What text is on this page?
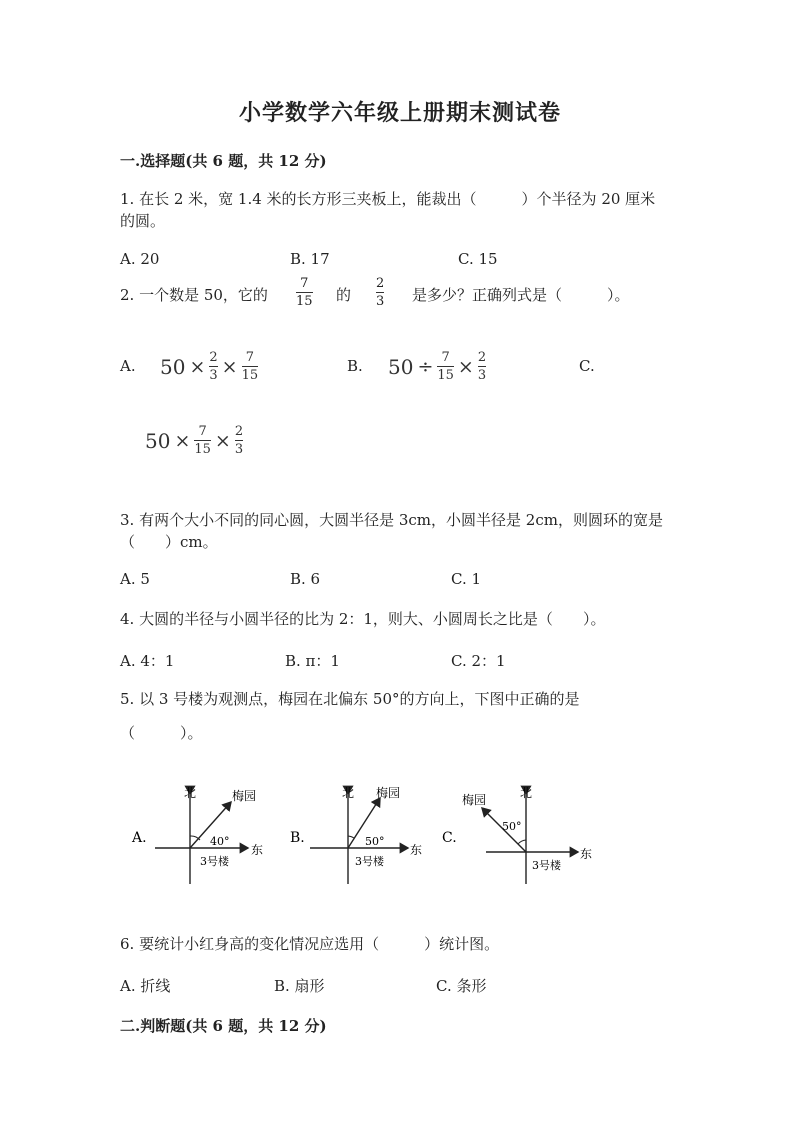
小学数学六年级上册期末测试卷
一.选择题(共 6 题，共 12 分)
1. 在长 2 米，宽 1.4 米的长方形三夹板上，能裁出（　　　）个半径为 20 厘米
的圆。
A. 20	B. 17	C. 15
2. 一个数是 50，它的 $\frac{7}{15}$ 的 $\frac{2}{3}$ 是多少？正确列式是（　　　）。
A. $50 \times \frac{2}{3} \times \frac{7}{15}$	B. $50 \div \frac{7}{15} \times \frac{2}{3}$	C.
$50 \times \frac{7}{15} \times \frac{2}{3}$
3. 有两个大小不同的同心圆，大圆半径是 3cm，小圆半径是 2cm，则圆环的宽是
（　　）cm。
A. 5	B. 6	C. 1
4. 大圆的半径与小圆半径的比为 2：1，则大、小圆周长之比是（　　）。
A. 4：1	B. π：1	C. 2：1
5. 以 3 号楼为观测点，梅园在北偏东 50°的方向上，下图中正确的是
（　　　）。
A.
北	梅园
40°
东
3号楼
B.
北 梅园
50°
东
3号楼
C.
北
梅园
50°
东
3号楼
6. 要统计小红身高的变化情况应选用（　　　）统计图。
A. 折线	B. 扇形	C. 条形
二.判断题(共 6 题，共 12 分)
